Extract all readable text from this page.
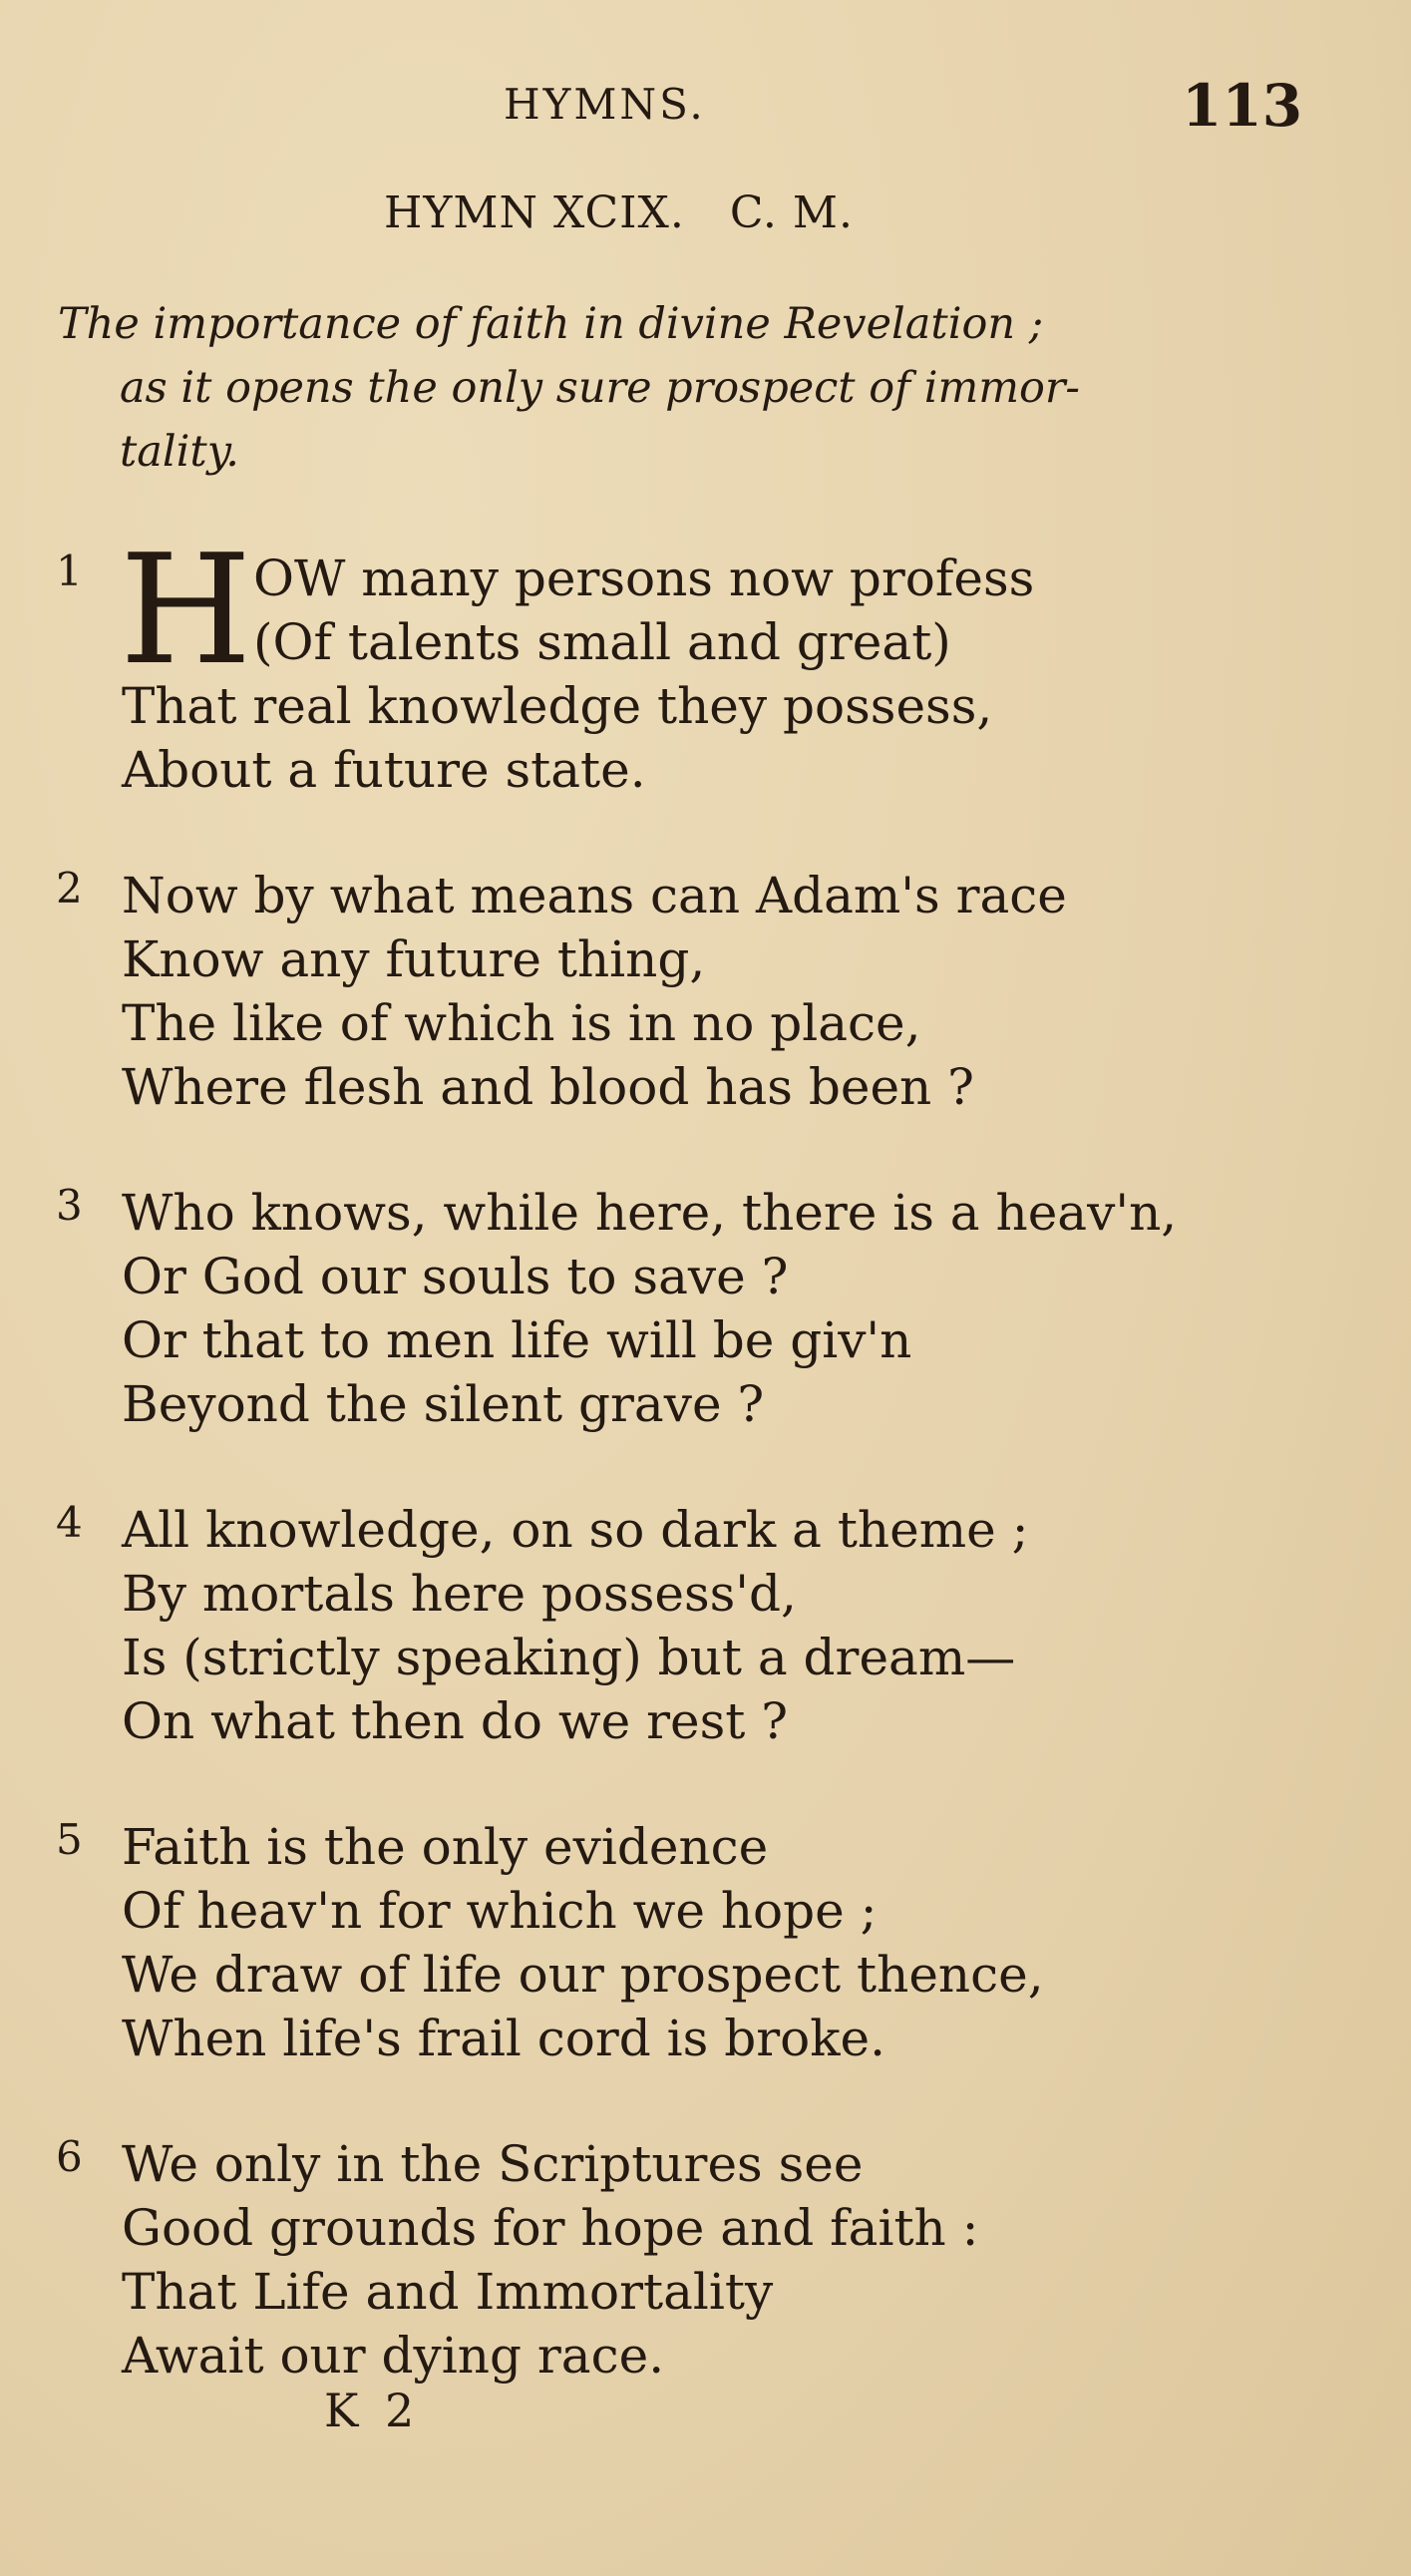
HYMNS.	113
HYMN XCIX.   C. M.
The importance of faith in divine Revelation ;
as it opens the only sure prospect of immor-
tality.
1 H OW many persons now profess
(Of talents small and great)
That real knowledge they possess,
About a future state.
2 Now by what means can Adam's race
Know any future thing,
The like of which is in no place,
Where flesh and blood has been ?
3 Who knows, while here, there is a heav'n,
Or God our souls to save ?
Or that to men life will be giv'n
Beyond the silent grave ?
4 All knowledge, on so dark a theme ;
By mortals here possess'd,
Is (strictly speaking) but a dream—
On what then do we rest ?
5 Faith is the only evidence
Of heav'n for which we hope ;
We draw of life our prospect thence,
When life's frail cord is broke.
6 We only in the Scriptures see
Good grounds for hope and faith :
That Life and Immortality
Await our dying race.
K 2
